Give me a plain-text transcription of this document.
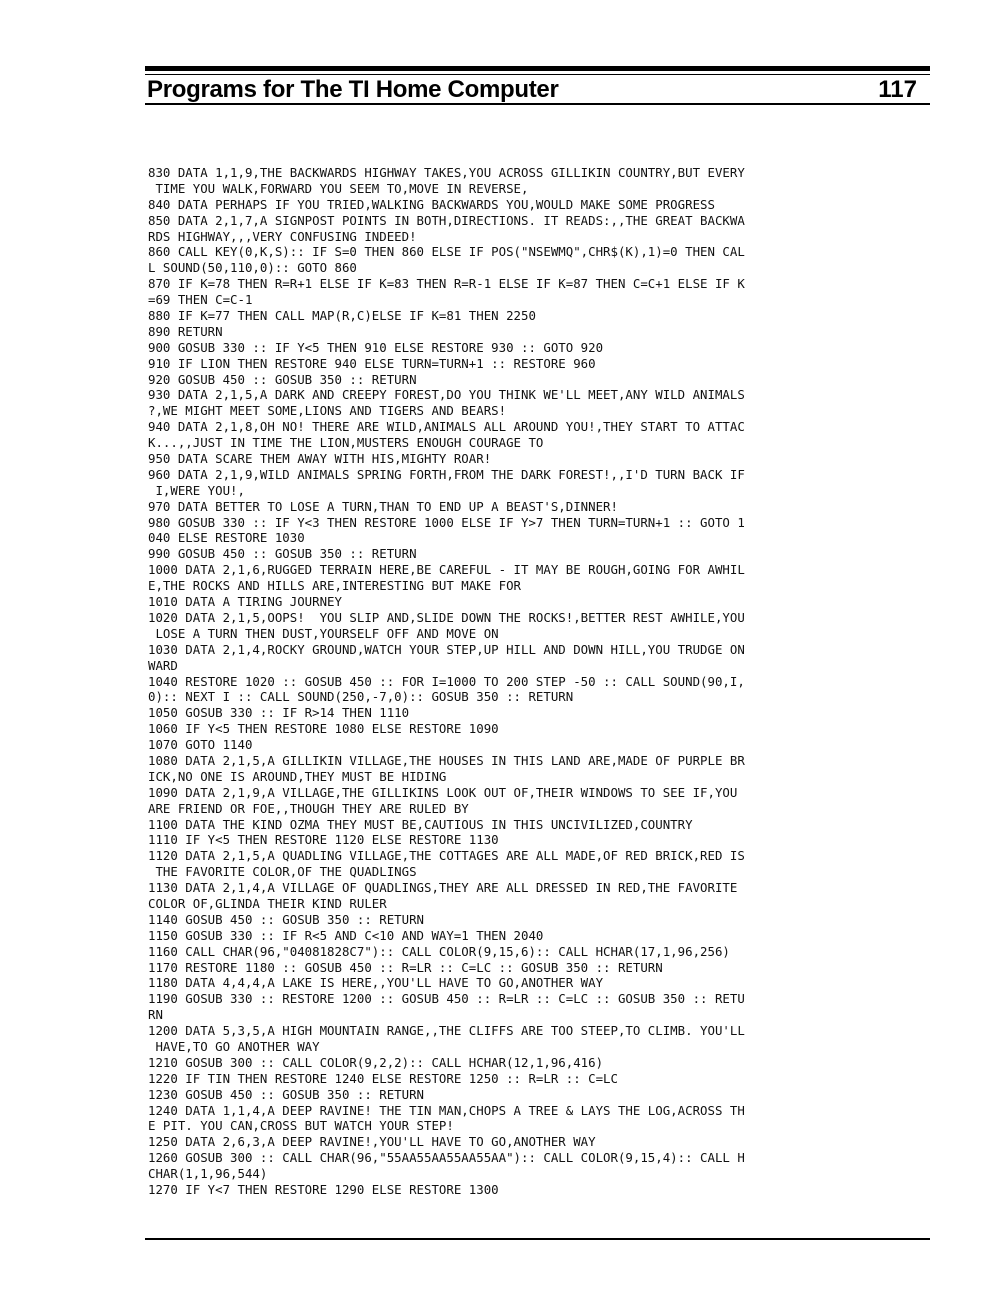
Programs for The TI Home Computer	117
830 DATA 1,1,9,THE BACKWARDS HIGHWAY TAKES,YOU ACROSS GILLIKIN COUNTRY,BUT EVERY
TIME YOU WALK,FORWARD YOU SEEM TO,MOVE IN REVERSE,
840 DATA PERHAPS IF YOU TRIED,WALKING BACKWARDS YOU,WOULD MAKE SOME PROGRESS
850 DATA 2,1,7,A SIGNPOST POINTS IN BOTH,DIRECTIONS. IT READS:,,THE GREAT BACKWA
RDS HIGHWAY,,,VERY CONFUSING INDEED!
860 CALL KEY(0,K,S):: IF S=0 THEN 860 ELSE IF POS("NSEWMQ",CHR$(K),1)=0 THEN CAL
L SOUND(50,110,0):: GOTO 860
870 IF K=78 THEN R=R+1 ELSE IF K=83 THEN R=R-1 ELSE IF K=87 THEN C=C+1 ELSE IF K
=69 THEN C=C-1
880 IF K=77 THEN CALL MAP(R,C)ELSE IF K=81 THEN 2250
890 RETURN
900 GOSUB 330 :: IF Y<5 THEN 910 ELSE RESTORE 930 :: GOTO 920
910 IF LION THEN RESTORE 940 ELSE TURN=TURN+1 :: RESTORE 960
920 GOSUB 450 :: GOSUB 350 :: RETURN
930 DATA 2,1,5,A DARK AND CREEPY FOREST,DO YOU THINK WE'LL MEET,ANY WILD ANIMALS
?,WE MIGHT MEET SOME,LIONS AND TIGERS AND BEARS!
940 DATA 2,1,8,OH NO! THERE ARE WILD,ANIMALS ALL AROUND YOU!,THEY START TO ATTAC
K...,,JUST IN TIME THE LION,MUSTERS ENOUGH COURAGE TO
950 DATA SCARE THEM AWAY WITH HIS,MIGHTY ROAR!
960 DATA 2,1,9,WILD ANIMALS SPRING FORTH,FROM THE DARK FOREST!,,I'D TURN BACK IF
I,WERE YOU!,
970 DATA BETTER TO LOSE A TURN,THAN TO END UP A BEAST'S,DINNER!
980 GOSUB 330 :: IF Y<3 THEN RESTORE 1000 ELSE IF Y>7 THEN TURN=TURN+1 :: GOTO 1
040 ELSE RESTORE 1030
990 GOSUB 450 :: GOSUB 350 :: RETURN
1000 DATA 2,1,6,RUGGED TERRAIN HERE,BE CAREFUL - IT MAY BE ROUGH,GOING FOR AWHIL
E,THE ROCKS AND HILLS ARE,INTERESTING BUT MAKE FOR
1010 DATA A TIRING JOURNEY
1020 DATA 2,1,5,OOPS!  YOU SLIP AND,SLIDE DOWN THE ROCKS!,BETTER REST AWHILE,YOU
LOSE A TURN THEN DUST,YOURSELF OFF AND MOVE ON
1030 DATA 2,1,4,ROCKY GROUND,WATCH YOUR STEP,UP HILL AND DOWN HILL,YOU TRUDGE ON
WARD
1040 RESTORE 1020 :: GOSUB 450 :: FOR I=1000 TO 200 STEP -50 :: CALL SOUND(90,I,
0):: NEXT I :: CALL SOUND(250,-7,0):: GOSUB 350 :: RETURN
1050 GOSUB 330 :: IF R>14 THEN 1110
1060 IF Y<5 THEN RESTORE 1080 ELSE RESTORE 1090
1070 GOTO 1140
1080 DATA 2,1,5,A GILLIKIN VILLAGE,THE HOUSES IN THIS LAND ARE,MADE OF PURPLE BR
ICK,NO ONE IS AROUND,THEY MUST BE HIDING
1090 DATA 2,1,9,A VILLAGE,THE GILLIKINS LOOK OUT OF,THEIR WINDOWS TO SEE IF,YOU
ARE FRIEND OR FOE,,THOUGH THEY ARE RULED BY
1100 DATA THE KIND OZMA THEY MUST BE,CAUTIOUS IN THIS UNCIVILIZED,COUNTRY
1110 IF Y<5 THEN RESTORE 1120 ELSE RESTORE 1130
1120 DATA 2,1,5,A QUADLING VILLAGE,THE COTTAGES ARE ALL MADE,OF RED BRICK,RED IS
THE FAVORITE COLOR,OF THE QUADLINGS
1130 DATA 2,1,4,A VILLAGE OF QUADLINGS,THEY ARE ALL DRESSED IN RED,THE FAVORITE
COLOR OF,GLINDA THEIR KIND RULER
1140 GOSUB 450 :: GOSUB 350 :: RETURN
1150 GOSUB 330 :: IF R<5 AND C<10 AND WAY=1 THEN 2040
1160 CALL CHAR(96,"04081828C7"):: CALL COLOR(9,15,6):: CALL HCHAR(17,1,96,256)
1170 RESTORE 1180 :: GOSUB 450 :: R=LR :: C=LC :: GOSUB 350 :: RETURN
1180 DATA 4,4,4,A LAKE IS HERE,,YOU'LL HAVE TO GO,ANOTHER WAY
1190 GOSUB 330 :: RESTORE 1200 :: GOSUB 450 :: R=LR :: C=LC :: GOSUB 350 :: RETU
RN
1200 DATA 5,3,5,A HIGH MOUNTAIN RANGE,,THE CLIFFS ARE TOO STEEP,TO CLIMB. YOU'LL
HAVE,TO GO ANOTHER WAY
1210 GOSUB 300 :: CALL COLOR(9,2,2):: CALL HCHAR(12,1,96,416)
1220 IF TIN THEN RESTORE 1240 ELSE RESTORE 1250 :: R=LR :: C=LC
1230 GOSUB 450 :: GOSUB 350 :: RETURN
1240 DATA 1,1,4,A DEEP RAVINE! THE TIN MAN,CHOPS A TREE & LAYS THE LOG,ACROSS TH
E PIT. YOU CAN,CROSS BUT WATCH YOUR STEP!
1250 DATA 2,6,3,A DEEP RAVINE!,YOU'LL HAVE TO GO,ANOTHER WAY
1260 GOSUB 300 :: CALL CHAR(96,"55AA55AA55AA55AA"):: CALL COLOR(9,15,4):: CALL H
CHAR(1,1,96,544)
1270 IF Y<7 THEN RESTORE 1290 ELSE RESTORE 1300
